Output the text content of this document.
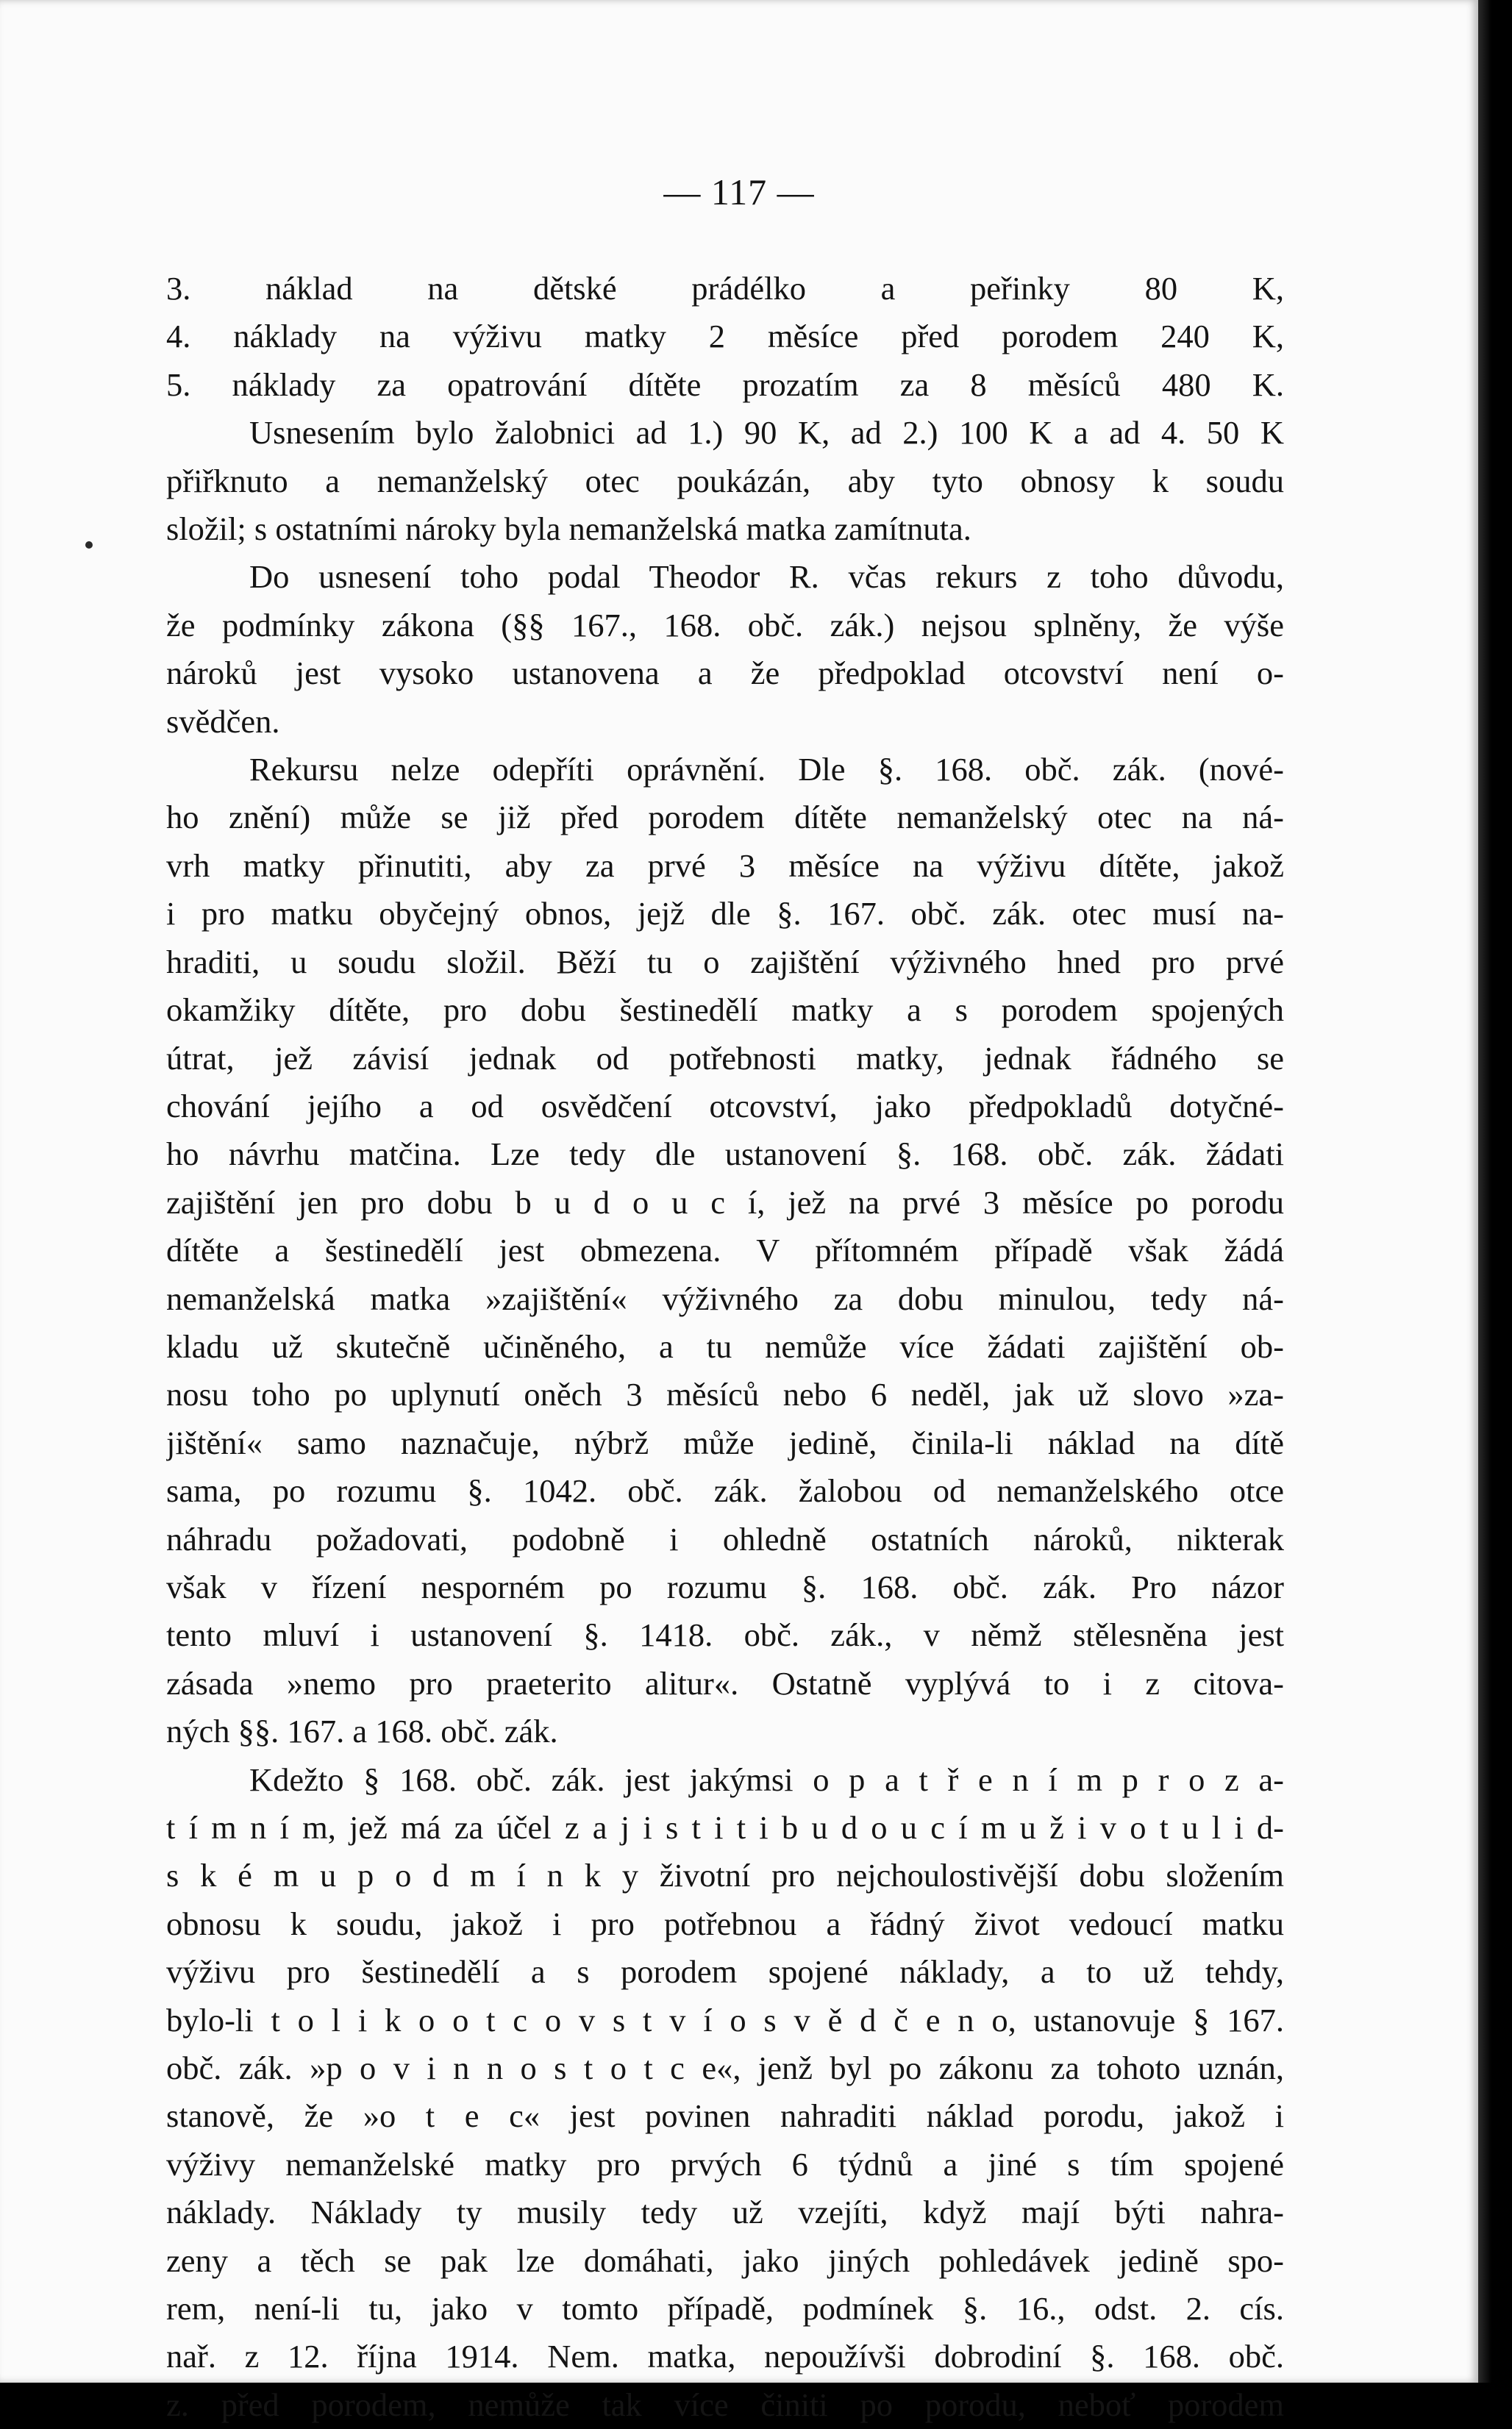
— 117 —
3. náklad na dětské prádélko a peřinky 80 K,
4. náklady na výživu matky 2 měsíce před porodem 240 K,
5. náklady za opatrování dítěte prozatím za 8 měsíců 480 K.
Usnesením bylo žalobnici ad 1.) 90 K, ad 2.) 100 K a ad 4. 50 K
přiřknuto a nemanželský otec poukázán, aby tyto obnosy k soudu
složil; s ostatními nároky byla nemanželská matka zamítnuta.
Do usnesení toho podal Theodor R. včas rekurs z toho důvodu,
že podmínky zákona (§§ 167., 168. obč. zák.) nejsou splněny, že výše
nároků jest vysoko ustanovena a že předpoklad otcovství není o-
svědčen.
Rekursu nelze odepříti oprávnění. Dle §. 168. obč. zák. (nové-
ho znění) může se již před porodem dítěte nemanželský otec na ná-
vrh matky přinutiti, aby za prvé 3 měsíce na výživu dítěte, jakož
i pro matku obyčejný obnos, jejž dle §. 167. obč. zák. otec musí na-
hraditi, u soudu složil. Běží tu o zajištění výživného hned pro prvé
okamžiky dítěte, pro dobu šestinedělí matky a s porodem spojených
útrat, jež závisí jednak od potřebnosti matky, jednak řádného se
chování jejího a od osvědčení otcovství, jako předpokladů dotyčné-
ho návrhu matčina. Lze tedy dle ustanovení §. 168. obč. zák. žádati
zajištění jen pro dobu b u d o u c í, jež na prvé 3 měsíce po porodu
dítěte a šestinedělí jest obmezena. V přítomném případě však žádá
nemanželská matka »zajištění« výživného za dobu minulou, tedy ná-
kladu už skutečně učiněného, a tu nemůže více žádati zajištění ob-
nosu toho po uplynutí oněch 3 měsíců nebo 6 neděl, jak už slovo »za-
jištění« samo naznačuje, nýbrž může jedině, činila-li náklad na dítě
sama, po rozumu §. 1042. obč. zák. žalobou od nemanželského otce
náhradu požadovati, podobně i ohledně ostatních nároků, nikterak
však v řízení nesporném po rozumu §. 168. obč. zák. Pro názor
tento mluví i ustanovení §. 1418. obč. zák., v němž stělesněna jest
zásada »nemo pro praeterito alitur«. Ostatně vyplývá to i z citova-
ných §§. 167. a 168. obč. zák.
Kdežto § 168. obč. zák. jest jakýmsi o p a t ř e n í m p r o z a-
t í m n í m, jež má za účel z a j i s t i t i b u d o u c í m u ž i v o t u l i d-
s k é m u p o d m í n k y životní pro nejchoulostivější dobu složením
obnosu k soudu, jakož i pro potřebnou a řádný život vedoucí matku
výživu pro šestinedělí a s porodem spojené náklady, a to už tehdy,
bylo-li t o l i k o o t c o v s t v í o s v ě d č e n o, ustanovuje § 167.
obč. zák. »p o v i n n o s t o t c e«, jenž byl po zákonu za tohoto uznán,
stanově, že »o t e c« jest povinen nahraditi náklad porodu, jakož i
výživy nemanželské matky pro prvých 6 týdnů a jiné s tím spojené
náklady. Náklady ty musily tedy už vzejíti, když mají býti nahra-
zeny a těch se pak lze domáhati, jako jiných pohledávek jedině spo-
rem, není-li tu, jako v tomto případě, podmínek §. 16., odst. 2. cís.
nař. z 12. října 1914. Nem. matka, nepoužívši dobrodiní §. 168. obč.
z. před porodem, nemůže tak více činiti po porodu, neboť porodem
